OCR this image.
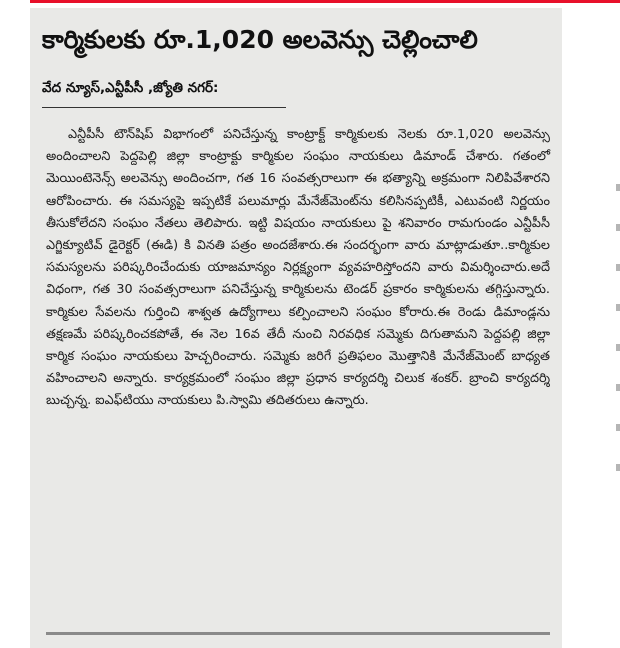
కార్మికులకు రూ.1,020 అలవెన్సు చెల్లించాలి
వేద న్యూస్,ఎన్టీపీసీ ,జ్యోతి నగర్:

ఎన్టీపీసీ టౌన్‌షిప్ విభాగంలో పనిచేస్తున్న కాంట్రాక్ట్ కార్మికులకు నెలకు రూ.1,020 అలవెన్సు అందించాలని పెద్దపెల్లి జిల్లా కాంట్రాక్టు కార్మికుల సంఘం నాయకులు డిమాండ్ చేశారు. గతంలో మెయింటెనెన్స్ అలవెన్సు అందించగా, గత 16 సంవత్సరాలుగా ఈ భత్యాన్ని అక్రమంగా నిలిపివేశారని ఆరోపించారు. ఈ సమస్యపై ఇప్పటికే పలుమార్లు మేనేజ్‌మెంట్‌ను కలిసినప్పటికీ, ఎటువంటి నిర్ణయం తీసుకోలేదని సంఘం నేతలు తెలిపారు. ఇట్టి విషయం నాయకులు పై శనివారం రామగుండం ఎన్టీపీసీ ఎగ్జిక్యూటివ్ డైరెక్టర్ (ఈడి) కి వినతి పత్రం అందజేశారు.ఈ సందర్భంగా వారు మాట్లాడుతూ..కార్మికుల సమస్యలను పరిష్కరించేందుకు యాజమాన్యం నిర్లక్ష్యంగా వ్యవహరిస్తోందని వారు విమర్శించారు.అదే విధంగా, గత 30 సంవత్సరాలుగా పనిచేస్తున్న కార్మికులను టెండర్ ప్రకారం కార్మికులను తగ్గిస్తున్నారు. కార్మికుల సేవలను గుర్తించి శాశ్వత ఉద్యోగాలు కల్పించాలని సంఘం కోరారు.ఈ రెండు డిమాండ్లను తక్షణమే పరిష్కరించకపోతే, ఈ నెల 16వ తేదీ నుంచి నిరవధిక సమ్మెకు దిగుతామని పెద్దపల్లి జిల్లా కార్మిక సంఘం నాయకులు హెచ్చరించారు. సమ్మెకు జరిగే ప్రతిఫలం మొత్తానికి మేనేజ్‌మెంట్ బాధ్యత వహించాలని అన్నారు. కార్యక్రమంలో సంఘం జిల్లా ప్రధాన కార్యదర్శి చిలుక శంకర్. బ్రాంచి కార్యదర్శి బుచ్చన్న. ఐఎఫ్‌టియు నాయకులు పి.స్వామి తదితరులు ఉన్నారు.
